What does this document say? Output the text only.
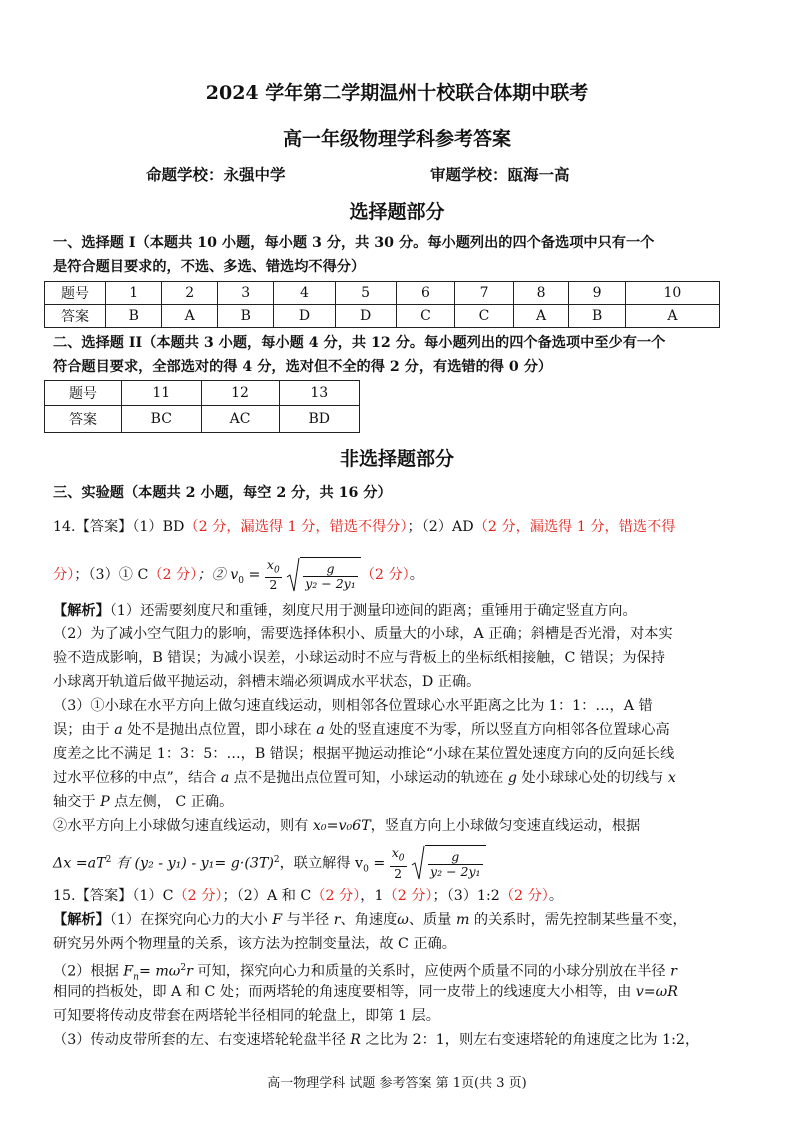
2024 学年第二学期温州十校联合体期中联考
高一年级物理学科参考答案
命题学校：永强中学	审题学校：瓯海一高
选择题部分
一、选择题 I（本题共 10 小题，每小题 3 分，共 30 分。每小题列出的四个备选项中只有一个
是符合题目要求的，不选、多选、错选均不得分）
题号	1	2	3	4	5	6	7	8	9	10
答案	B	A	B	D	D	C	C	A	B	A
二、选择题 II（本题共 3 小题，每小题 4 分，共 12 分。每小题列出的四个备选项中至少有一个
符合题目要求，全部选对的得 4 分，选对但不全的得 2 分，有选错的得 0 分）
题号	11	12	13
答案	BC	AC	BD
非选择题部分
三、实验题（本题共 2 小题，每空 2 分，共 16 分）
14.【答案】（1）BD（2 分，漏选得 1 分，错选不得分）；（2）AD（2 分，漏选得 1 分，错选不得
分）；（3）① C（2 分）；② $v_0 = \frac{x_0}{2}$
$\frac{g}{\text{y₂ − 2y₁}} (2$ 分）。
【解析】（1）还需要刻度尺和重锤，刻度尺用于测量印迹间的距离；重锤用于确定竖直方向。
（2）为了减小空气阻力的影响，需要选择体积小、质量大的小球，A 正确；斜槽是否光滑，对本实
验不造成影响，B 错误；为减小误差，小球运动时不应与背板上的坐标纸相接触，C 错误；为保持
小球离开轨道后做平抛运动，斜槽末端必须调成水平状态，D 正确。
（3）①小球在水平方向上做匀速直线运动，则相邻各位置球心水平距离之比为 1：1：…，A 错
误；由于 a 处不是抛出点位置，即小球在 a 处的竖直速度不为零，所以竖直方向相邻各位置球心高
度差之比不满足 1：3：5：…，B 错误；根据平抛运动推论“小球在某位置处速度方向的反向延长线
过水平位移的中点”，结合 a 点不是抛出点位置可知，小球运动的轨迹在 g 处小球球心处的切线与 x
轴交于 P 点左侧， C 正确。
②水平方向上小球做匀速直线运动，则有 x₀=v₀6T，竖直方向上小球做匀变速直线运动，根据
$\Delta x =aT^2$ 有 $(y_2 - y_1) - y_1= g\cdot(3T)^2$，联立解得 $v_0 = \frac{x_0}{2}$
$\frac{g}{\text{y₂ − 2y₁}}$
15.【答案】（1）C（2 分）；（2）A 和 C（2 分），1（2 分）；（3）1:2（2 分）。
【解析】（1）在探究向心力的大小 F 与半径 r、角速度ω、质量 m 的关系时，需先控制某些量不变，
研究另外两个物理量的关系，该方法为控制变量法，故 C 正确。
（2）根据 $F_n= m\omega^2r$ 可知，探究向心力和质量的关系时，应使两个质量不同的小球分别放在半径 r
相同的挡板处，即 A 和 C 处；而两塔轮的角速度要相等，同一皮带上的线速度大小相等，由 v=ωR
可知要将传动皮带套在两塔轮半径相同的轮盘上，即第 1 层。
（3）传动皮带所套的左、右变速塔轮轮盘半径 R 之比为 2：1，则左右变速塔轮的角速度之比为 1:2，
高一物理学科 试题 参考答案 第 1页(共 3 页)
